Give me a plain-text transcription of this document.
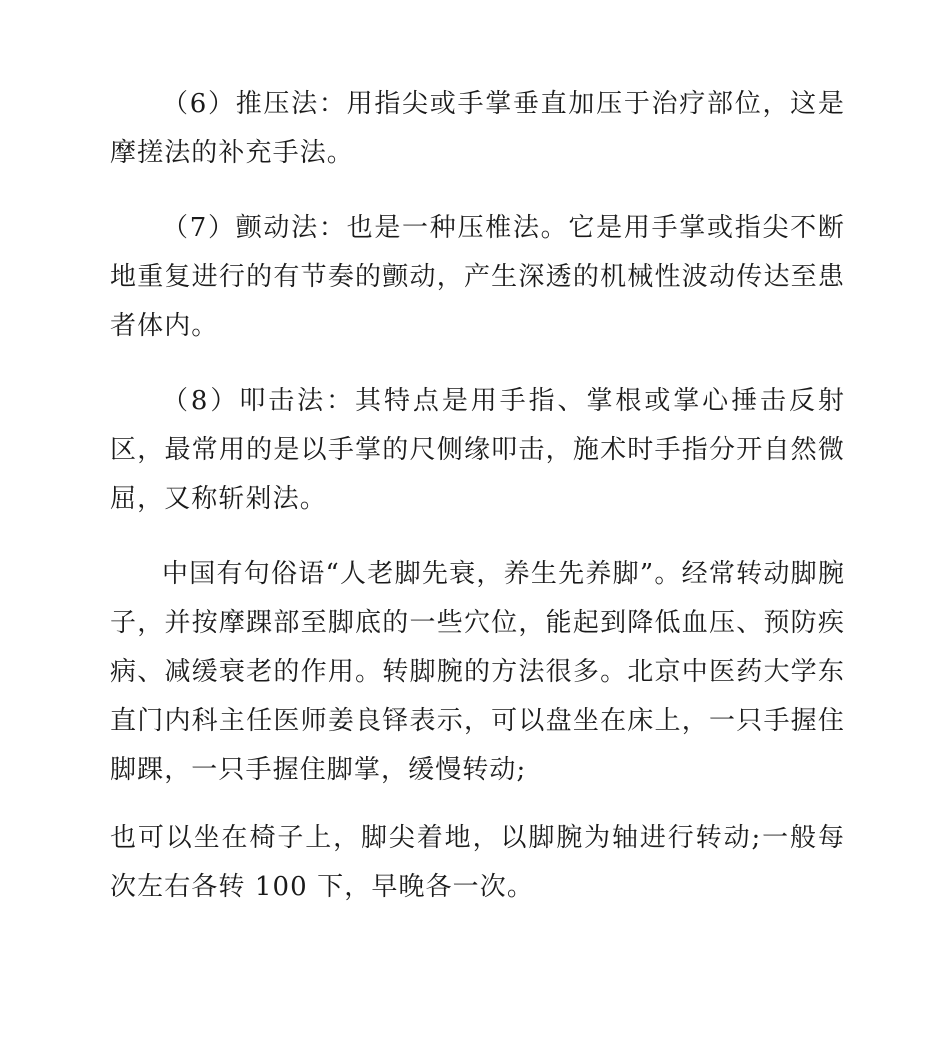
（6）推压法：用指尖或手掌垂直加压于治疗部位，这是摩搓法的补充手法。

（7）颤动法：也是一种压椎法。它是用手掌或指尖不断地重复进行的有节奏的颤动，产生深透的机械性波动传达至患者体内。

（8）叩击法：其特点是用手指、掌根或掌心捶击反射区，最常用的是以手掌的尺侧缘叩击，施术时手指分开自然微屈，又称斩剁法。

中国有句俗语“人老脚先衰，养生先养脚”。经常转动脚腕子，并按摩踝部至脚底的一些穴位，能起到降低血压、预防疾病、减缓衰老的作用。转脚腕的方法很多。北京中医药大学东直门内科主任医师姜良铎表示，可以盘坐在床上，一只手握住脚踝，一只手握住脚掌，缓慢转动;

也可以坐在椅子上，脚尖着地，以脚腕为轴进行转动;一般每次左右各转 100 下，早晚各一次。
